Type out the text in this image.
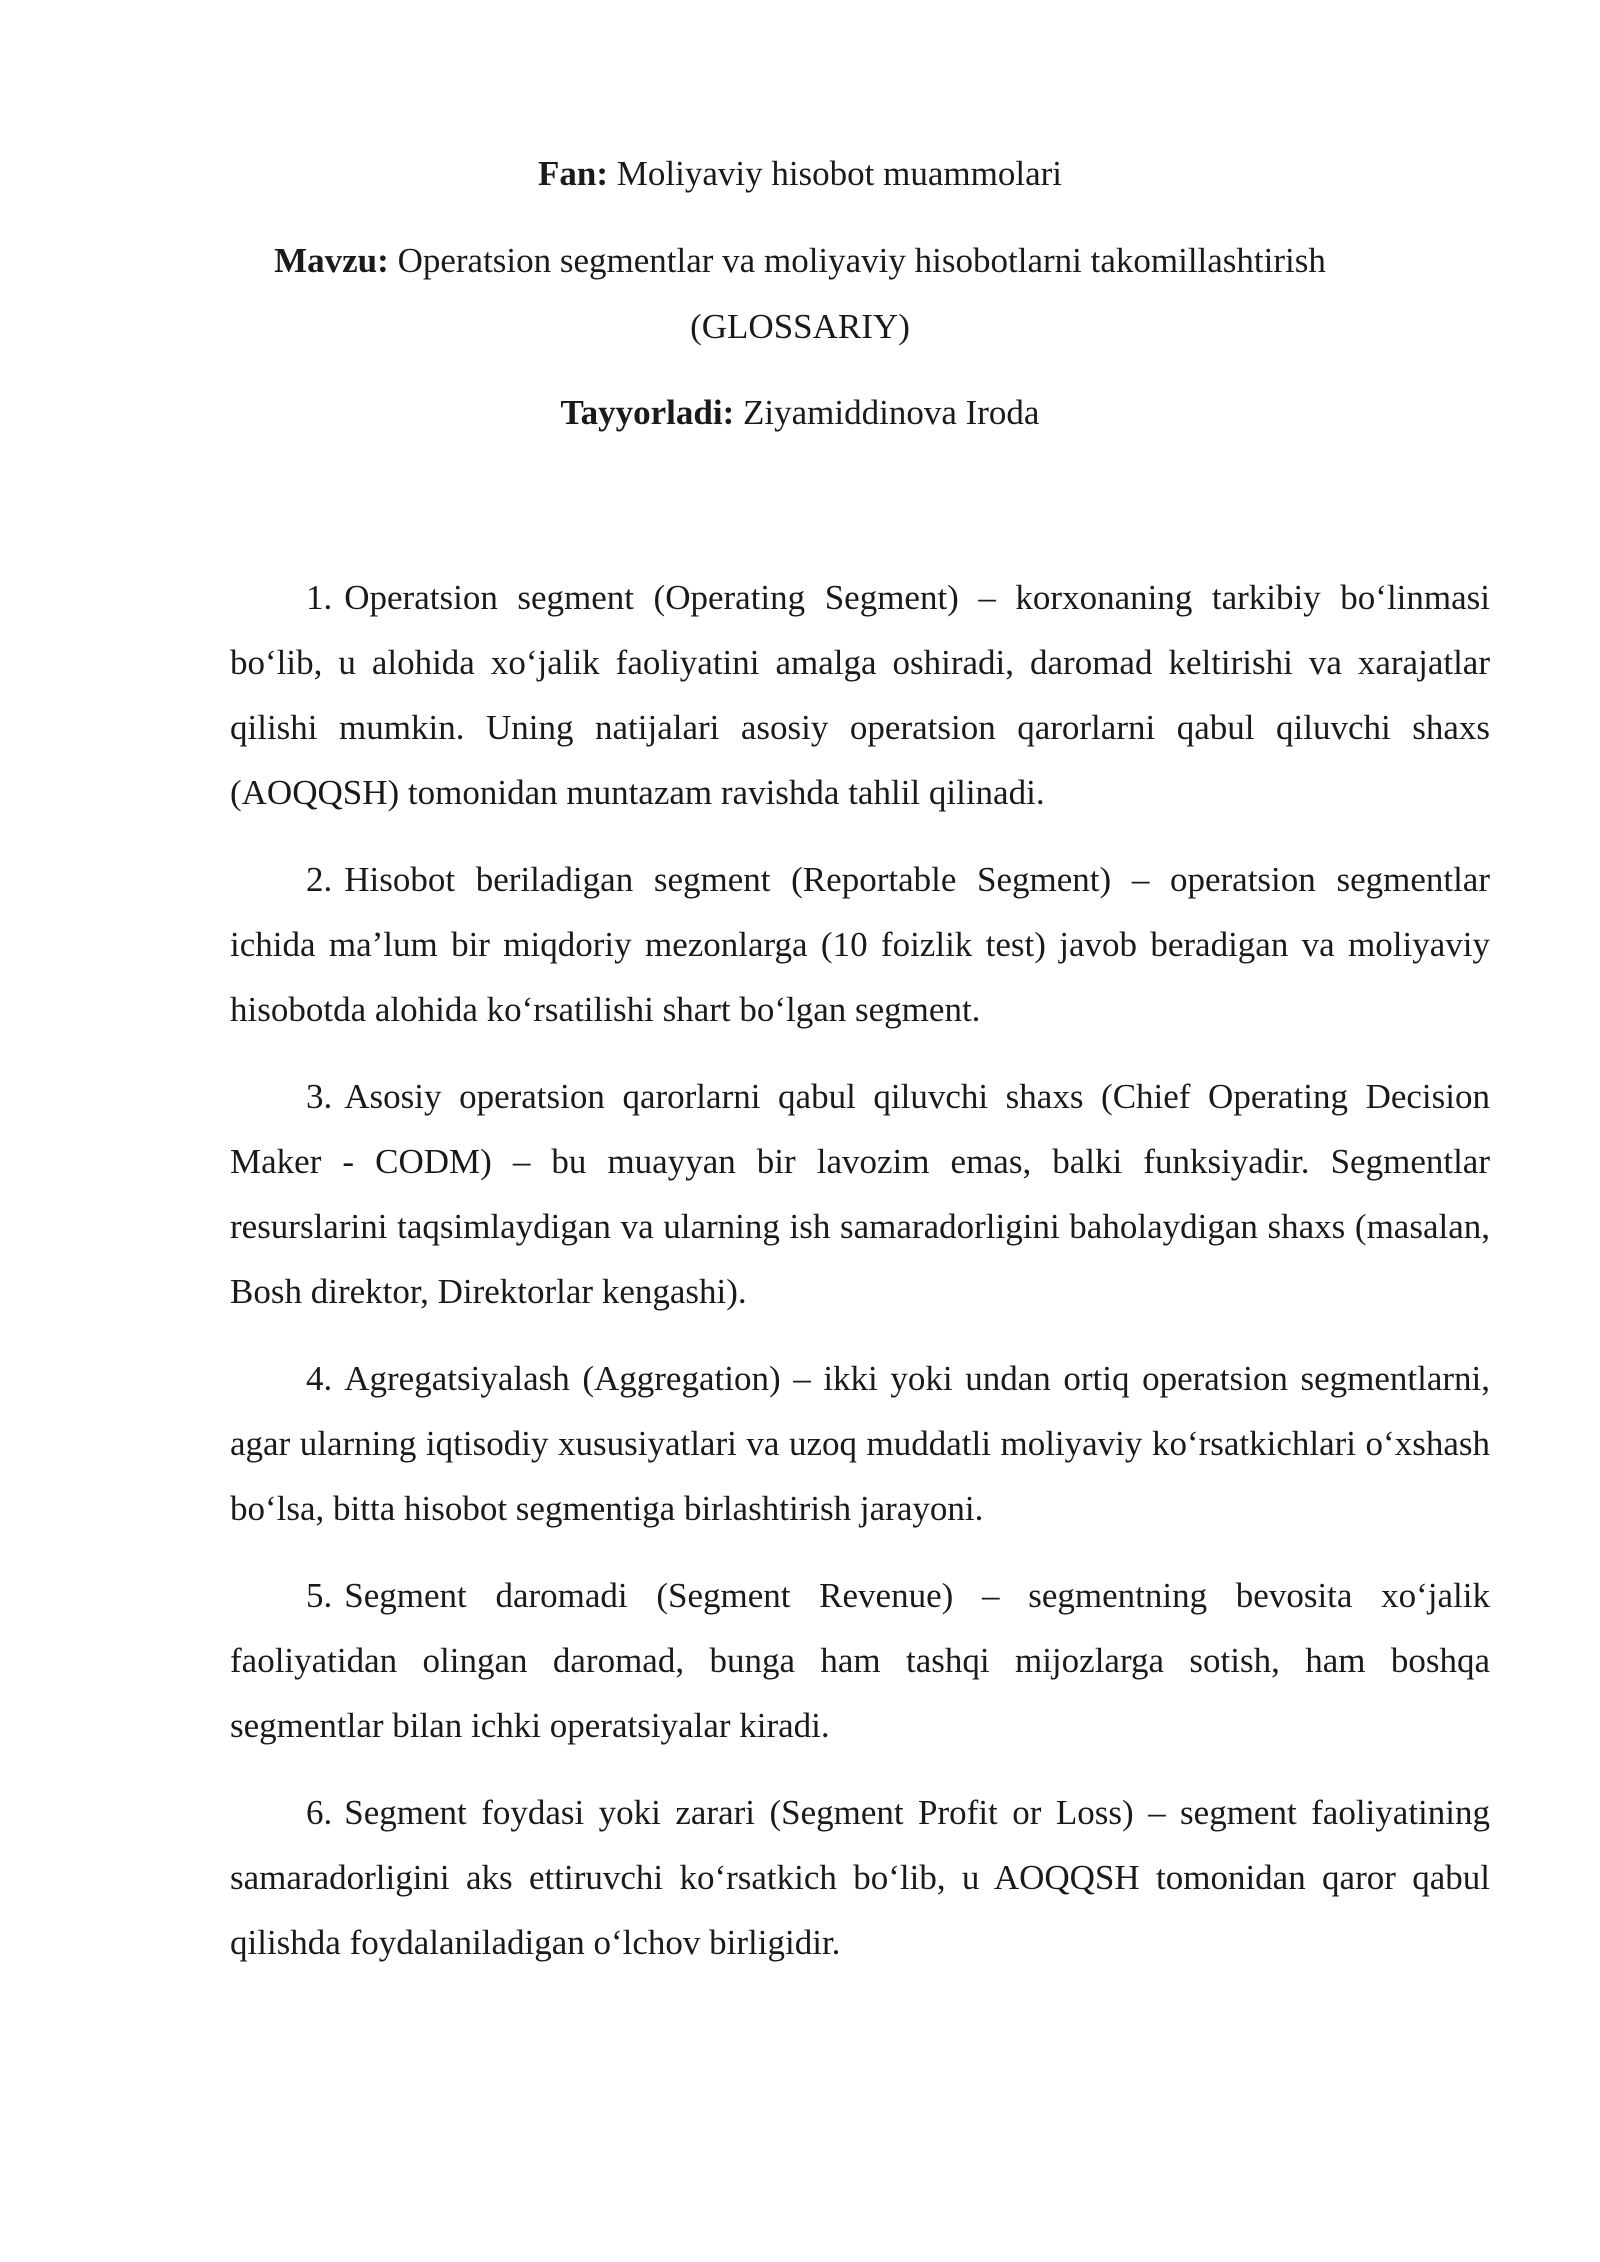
Fan: Moliyaviy hisobot muammolari
Mavzu: Operatsion segmentlar va moliyaviy hisobotlarni takomillashtirish
(GLOSSARIY)
Tayyorladi: Ziyamiddinova Iroda

1. Operatsion segment (Operating Segment) – korxonaning tarkibiy boʻlinmasi boʻlib, u alohida xoʻjalik faoliyatini amalga oshiradi, daromad keltirishi va xarajatlar qilishi mumkin. Uning natijalari asosiy operatsion qarorlarni qabul qiluvchi shaxs (AOQQSH) tomonidan muntazam ravishda tahlil qilinadi.

2. Hisobot beriladigan segment (Reportable Segment) – operatsion segmentlar ichida maʼlum bir miqdoriy mezonlarga (10 foizlik test) javob beradigan va moliyaviy hisobotda alohida koʻrsatilishi shart boʻlgan segment.

3. Asosiy operatsion qarorlarni qabul qiluvchi shaxs (Chief Operating Decision Maker - CODM) – bu muayyan bir lavozim emas, balki funksiyadir. Segmentlar resurslarini taqsimlaydigan va ularning ish samaradorligini baholaydigan shaxs (masalan, Bosh direktor, Direktorlar kengashi).

4. Agregatsiyalash (Aggregation) – ikki yoki undan ortiq operatsion segmentlarni, agar ularning iqtisodiy xususiyatlari va uzoq muddatli moliyaviy koʻrsatkichlari oʻxshash boʻlsa, bitta hisobot segmentiga birlashtirish jarayoni.

5. Segment daromadi (Segment Revenue) – segmentning bevosita xoʻjalik faoliyatidan olingan daromad, bunga ham tashqi mijozlarga sotish, ham boshqa segmentlar bilan ichki operatsiyalar kiradi.

6. Segment foydasi yoki zarari (Segment Profit or Loss) – segment faoliyatining samaradorligini aks ettiruvchi koʻrsatkich boʻlib, u AOQQSH tomonidan qaror qabul qilishda foydalaniladigan oʻlchov birligidir.
